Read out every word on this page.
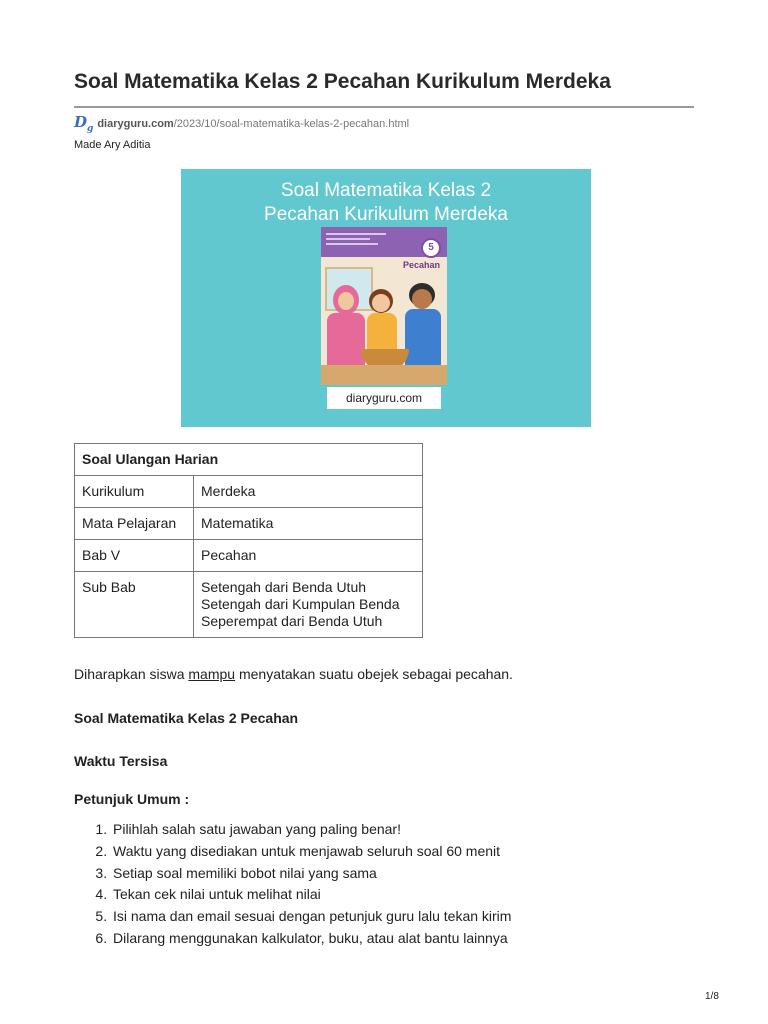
Soal Matematika Kelas 2 Pecahan Kurikulum Merdeka
$D_g$ diaryguru.com /2023/10/soal-matematika-kelas-2-pecahan.html
Made Ary Aditia
Soal Matematika Kelas 2
Pecahan Kurikulum Merdeka
5
Pecahan
diaryguru.com
Soal Ulangan Harian	
Kurikulum	Merdeka
Mata Pelajaran	Matematika
Bab V	Pecahan
Sub Bab	Setengah dari Benda Utuh
Setengah dari Kumpulan Benda
Seperempat dari Benda Utuh
Diharapkan siswa mampu menyatakan suatu obejek sebagai pecahan.
Soal Matematika Kelas 2 Pecahan
Waktu Tersisa
Petunjuk Umum :
1. Pilihlah salah satu jawaban yang paling benar!
2. Waktu yang disediakan untuk menjawab seluruh soal 60 menit
3. Setiap soal memiliki bobot nilai yang sama
4. Tekan cek nilai untuk melihat nilai
5. Isi nama dan email sesuai dengan petunjuk guru lalu tekan kirim
6. Dilarang menggunakan kalkulator, buku, atau alat bantu lainnya
1/8
